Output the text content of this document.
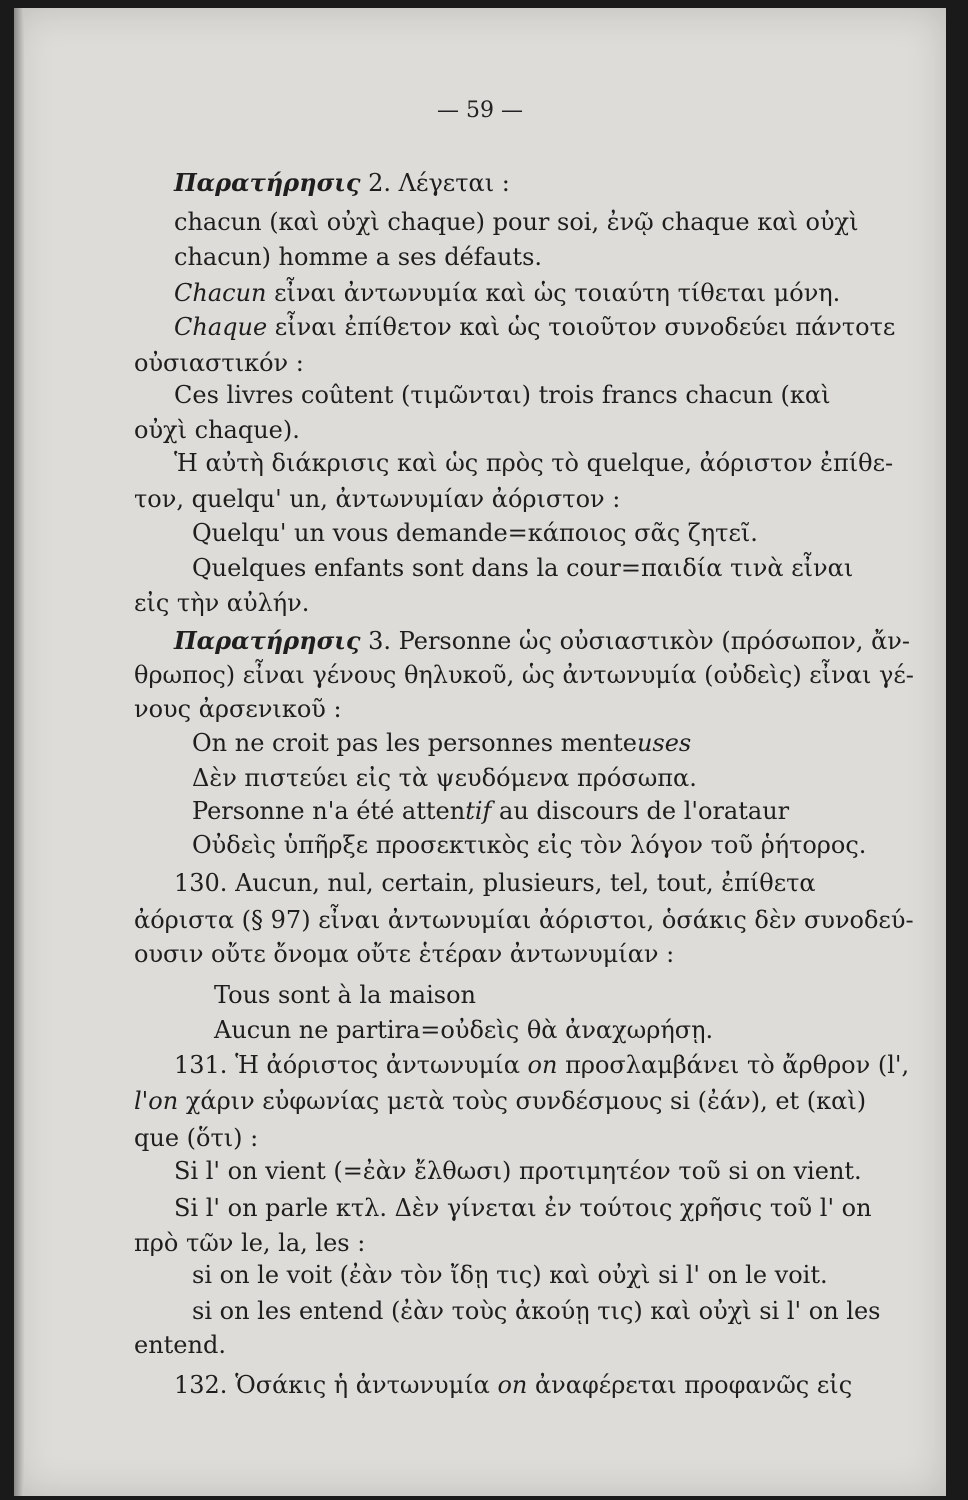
— 59 —
Παρατήρησις 2. Λέγεται :
chacun (καὶ οὐχὶ chaque) pour soi, ἐνῷ chaque καὶ οὐχὶ
chacun) homme a ses défauts.
Chacun εἶναι ἀντωνυμία καὶ ὡς τοιαύτη τίθεται μόνη.
Chaque εἶναι ἐπίθετον καὶ ὡς τοιοῦτον συνοδεύει πάντοτε
οὐσιαστικόν :
Ces livres coûtent (τιμῶνται) trois francs chacun (καὶ
οὐχὶ chaque).
Ἡ αὐτὴ διάκρισις καὶ ὡς πρὸς τὸ quelque, ἀόριστον ἐπίθε-
τον, quelqu' un, ἀντωνυμίαν ἀόριστον :
Quelqu' un vous demande=κάποιος σᾶς ζητεῖ.
Quelques enfants sont dans la cour=παιδία τινὰ εἶναι
εἰς τὴν αὐλήν.
Παρατήρησις 3. Personne ὡς οὐσιαστικὸν (πρόσωπον, ἄν-
θρωπος) εἶναι γένους θηλυκοῦ, ὡς ἀντωνυμία (οὐδεὶς) εἶναι γέ-
νους ἀρσενικοῦ :
On ne croit pas les personnes menteuses
Δὲν πιστεύει εἰς τὰ ψευδόμενα πρόσωπα.
Personne n'a été attentif au discours de l'orataur
Οὐδεὶς ὑπῆρξε προσεκτικὸς εἰς τὸν λόγον τοῦ ῥήτορος.
130. Aucun, nul, certain, plusieurs, tel, tout, ἐπίθετα
ἀόριστα (§ 97) εἶναι ἀντωνυμίαι ἀόριστοι, ὁσάκις δὲν συνοδεύ-
ουσιν οὔτε ὄνομα οὔτε ἑτέραν ἀντωνυμίαν :
Tous sont à la maison
Aucun ne partira=οὐδεὶς θὰ ἀναχωρήσῃ.
131. Ἡ ἀόριστος ἀντωνυμία on προσλαμβάνει τὸ ἄρθρον (l',
l'on χάριν εὐφωνίας μετὰ τοὺς συνδέσμους si (ἐάν), et (καὶ)
que (ὅτι) :
Si l' on vient (=ἐὰν ἔλθωσι) προτιμητέον τοῦ si on vient.
Si l' on parle κτλ. Δὲν γίνεται ἐν τούτοις χρῆσις τοῦ l' on
πρὸ τῶν le, la, les :
si on le voit (ἐὰν τὸν ἴδῃ τις) καὶ οὐχὶ si l' on le voit.
si on les entend (ἐὰν τοὺς ἀκούῃ τις) καὶ οὐχὶ si l' on les
entend.
132. Ὁσάκις ἡ ἀντωνυμία on ἀναφέρεται προφανῶς εἰς
